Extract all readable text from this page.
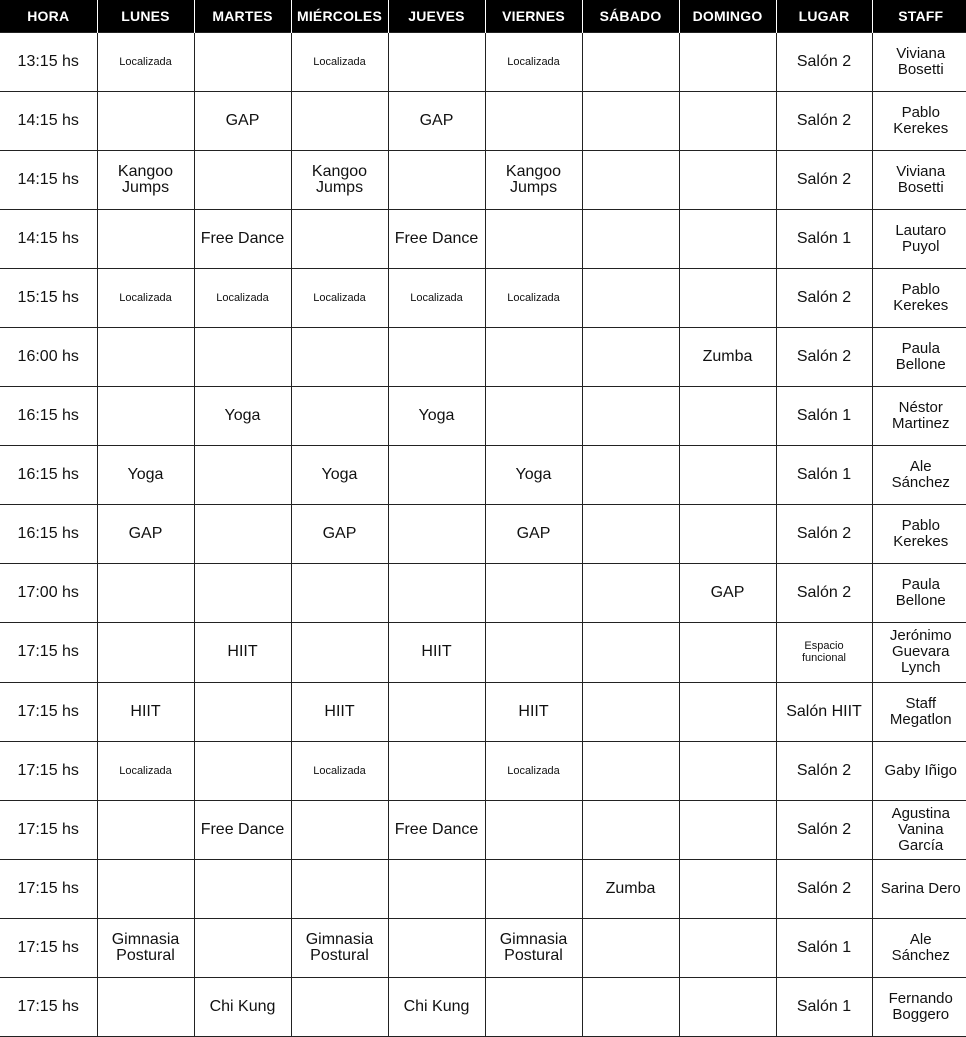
HORA	LUNES	MARTES	MIÉRCOLES	JUEVES	VIERNES	SÁBADO	DOMINGO	LUGAR	STAFF
13:15 hs	Localizada		Localizada		Localizada			Salón 2	Viviana
Bosetti
14:15 hs		GAP		GAP				Salón 2	Pablo
Kerekes
14:15 hs	Kangoo
Jumps		Kangoo
Jumps		Kangoo
Jumps			Salón 2	Viviana
Bosetti
14:15 hs		Free Dance		Free Dance				Salón 1	Lautaro
Puyol
15:15 hs	Localizada	Localizada	Localizada	Localizada	Localizada			Salón 2	Pablo
Kerekes
16:00 hs							Zumba	Salón 2	Paula
Bellone
16:15 hs		Yoga		Yoga				Salón 1	Néstor
Martinez
16:15 hs	Yoga		Yoga		Yoga			Salón 1	Ale
Sánchez
16:15 hs	GAP		GAP		GAP			Salón 2	Pablo
Kerekes
17:00 hs							GAP	Salón 2	Paula
Bellone
17:15 hs		HIIT		HIIT				Espacio
funcional	Jerónimo
Guevara
Lynch
17:15 hs	HIIT		HIIT		HIIT			Salón HIIT	Staff
Megatlon
17:15 hs	Localizada		Localizada		Localizada			Salón 2	Gaby Iñigo
17:15 hs		Free Dance		Free Dance				Salón 2	Agustina
Vanina
García
17:15 hs						Zumba		Salón 2	Sarina Dero
17:15 hs	Gimnasia
Postural		Gimnasia
Postural		Gimnasia
Postural			Salón 1	Ale
Sánchez
17:15 hs		Chi Kung		Chi Kung				Salón 1	Fernando
Boggero
